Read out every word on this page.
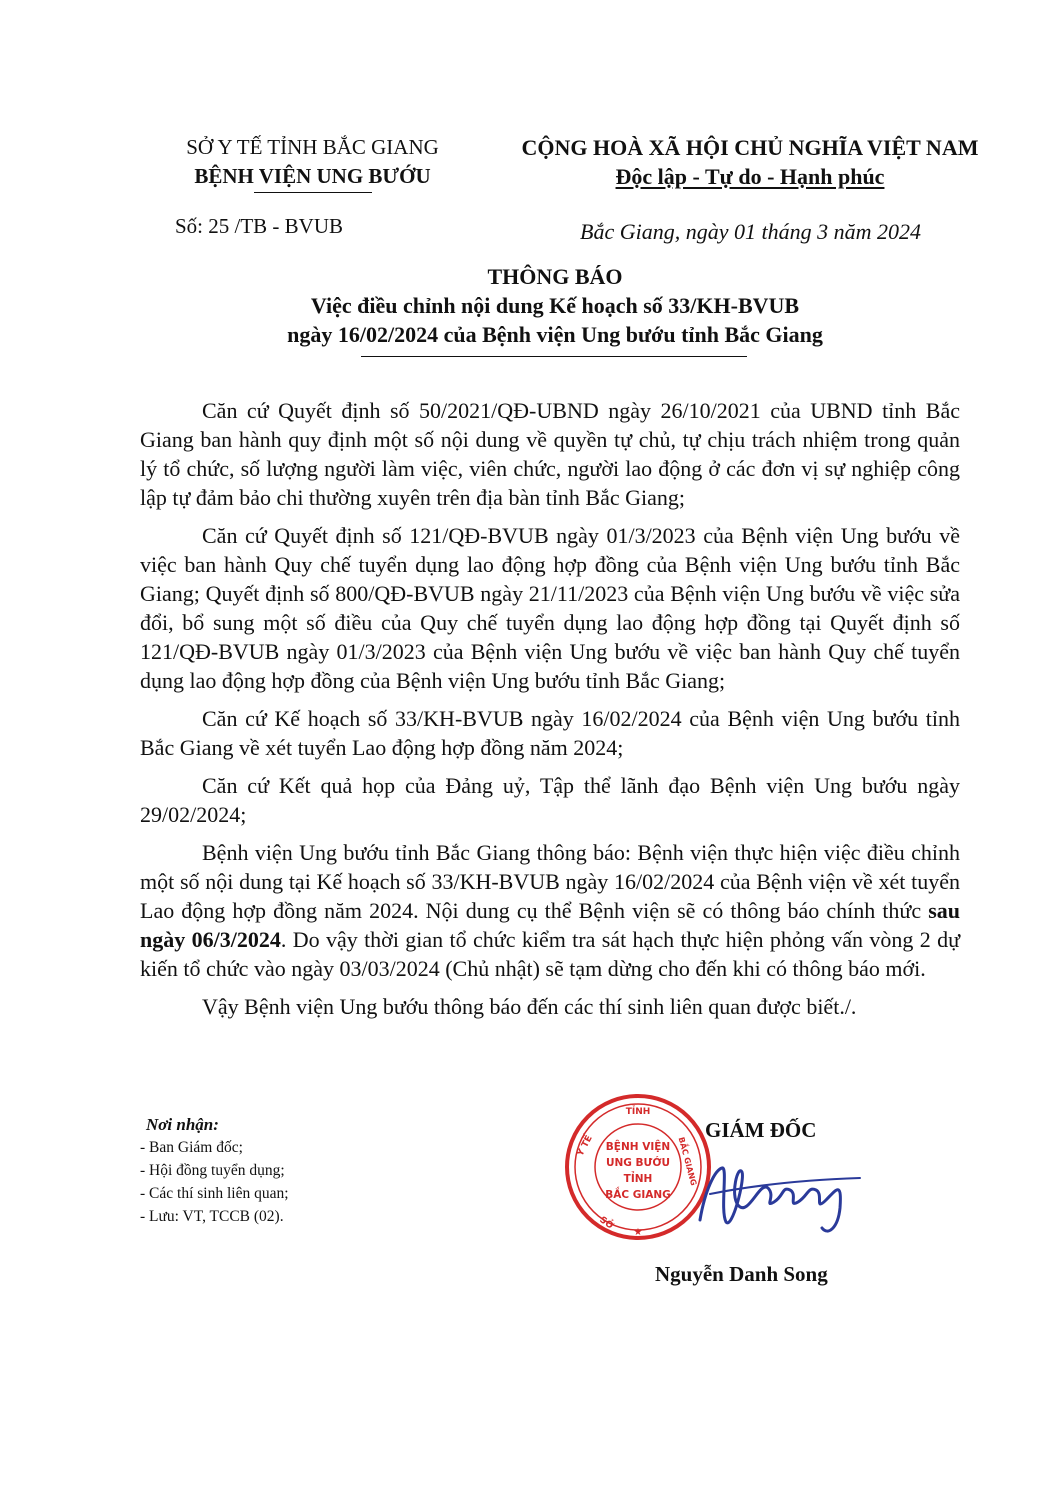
SỞ Y TẾ TỈNH BẮC GIANG
BỆNH VIỆN UNG BƯỚU
CỘNG HOÀ XÃ HỘI CHỦ NGHĨA VIỆT NAM
Độc lập - Tự do - Hạnh phúc
Số: 25 /TB - BVUB	Bắc Giang, ngày 01 tháng 3 năm 2024
THÔNG BÁO
Việc điều chỉnh nội dung Kế hoạch số 33/KH-BVUB
ngày 16/02/2024 của Bệnh viện Ung bướu tỉnh Bắc Giang

Căn cứ Quyết định số 50/2021/QĐ-UBND ngày 26/10/2021 của UBND tỉnh Bắc Giang ban hành quy định một số nội dung về quyền tự chủ, tự chịu trách nhiệm trong quản lý tổ chức, số lượng người làm việc, viên chức, người lao động ở các đơn vị sự nghiệp công lập tự đảm bảo chi thường xuyên trên địa bàn tỉnh Bắc Giang;

Căn cứ Quyết định số 121/QĐ-BVUB ngày 01/3/2023 của Bệnh viện Ung bướu về việc ban hành Quy chế tuyển dụng lao động hợp đồng của Bệnh viện Ung bướu tỉnh Bắc Giang; Quyết định số 800/QĐ-BVUB ngày 21/11/2023 của Bệnh viện Ung bướu về việc sửa đổi, bổ sung một số điều của Quy chế tuyển dụng lao động hợp đồng tại Quyết định số 121/QĐ-BVUB ngày 01/3/2023 của Bệnh viện Ung bướu về việc ban hành Quy chế tuyển dụng lao động hợp đồng của Bệnh viện Ung bướu tỉnh Bắc Giang;

Căn cứ Kế hoạch số 33/KH-BVUB ngày 16/02/2024 của Bệnh viện Ung bướu tỉnh Bắc Giang về xét tuyển Lao động hợp đồng năm 2024;

Căn cứ Kết quả họp của Đảng uỷ, Tập thể lãnh đạo Bệnh viện Ung bướu ngày 29/02/2024;

Bệnh viện Ung bướu tỉnh Bắc Giang thông báo: Bệnh viện thực hiện việc điều chỉnh một số nội dung tại Kế hoạch số 33/KH-BVUB ngày 16/02/2024 của Bệnh viện về xét tuyển Lao động hợp đồng năm 2024. Nội dung cụ thể Bệnh viện sẽ có thông báo chính thức sau ngày 06/3/2024. Do vậy thời gian tổ chức kiểm tra sát hạch thực hiện phỏng vấn vòng 2 dự kiến tổ chức vào ngày 03/03/2024 (Chủ nhật) sẽ tạm dừng cho đến khi có thông báo mới.

Vậy Bệnh viện Ung bướu thông báo đến các thí sinh liên quan được biết./.

Nơi nhận:
- Ban Giám đốc;
- Hội đồng tuyển dụng;
- Các thí sinh liên quan;
- Lưu: VT, TCCB (02).
GIÁM ĐỐC
TỈNH
BỆNH VIỆN
UNG BƯỚU
TỈNH
BẮC GIANG
Y TẾ
SỞ
BẮC GIANG
★
Nguyễn Danh Song
